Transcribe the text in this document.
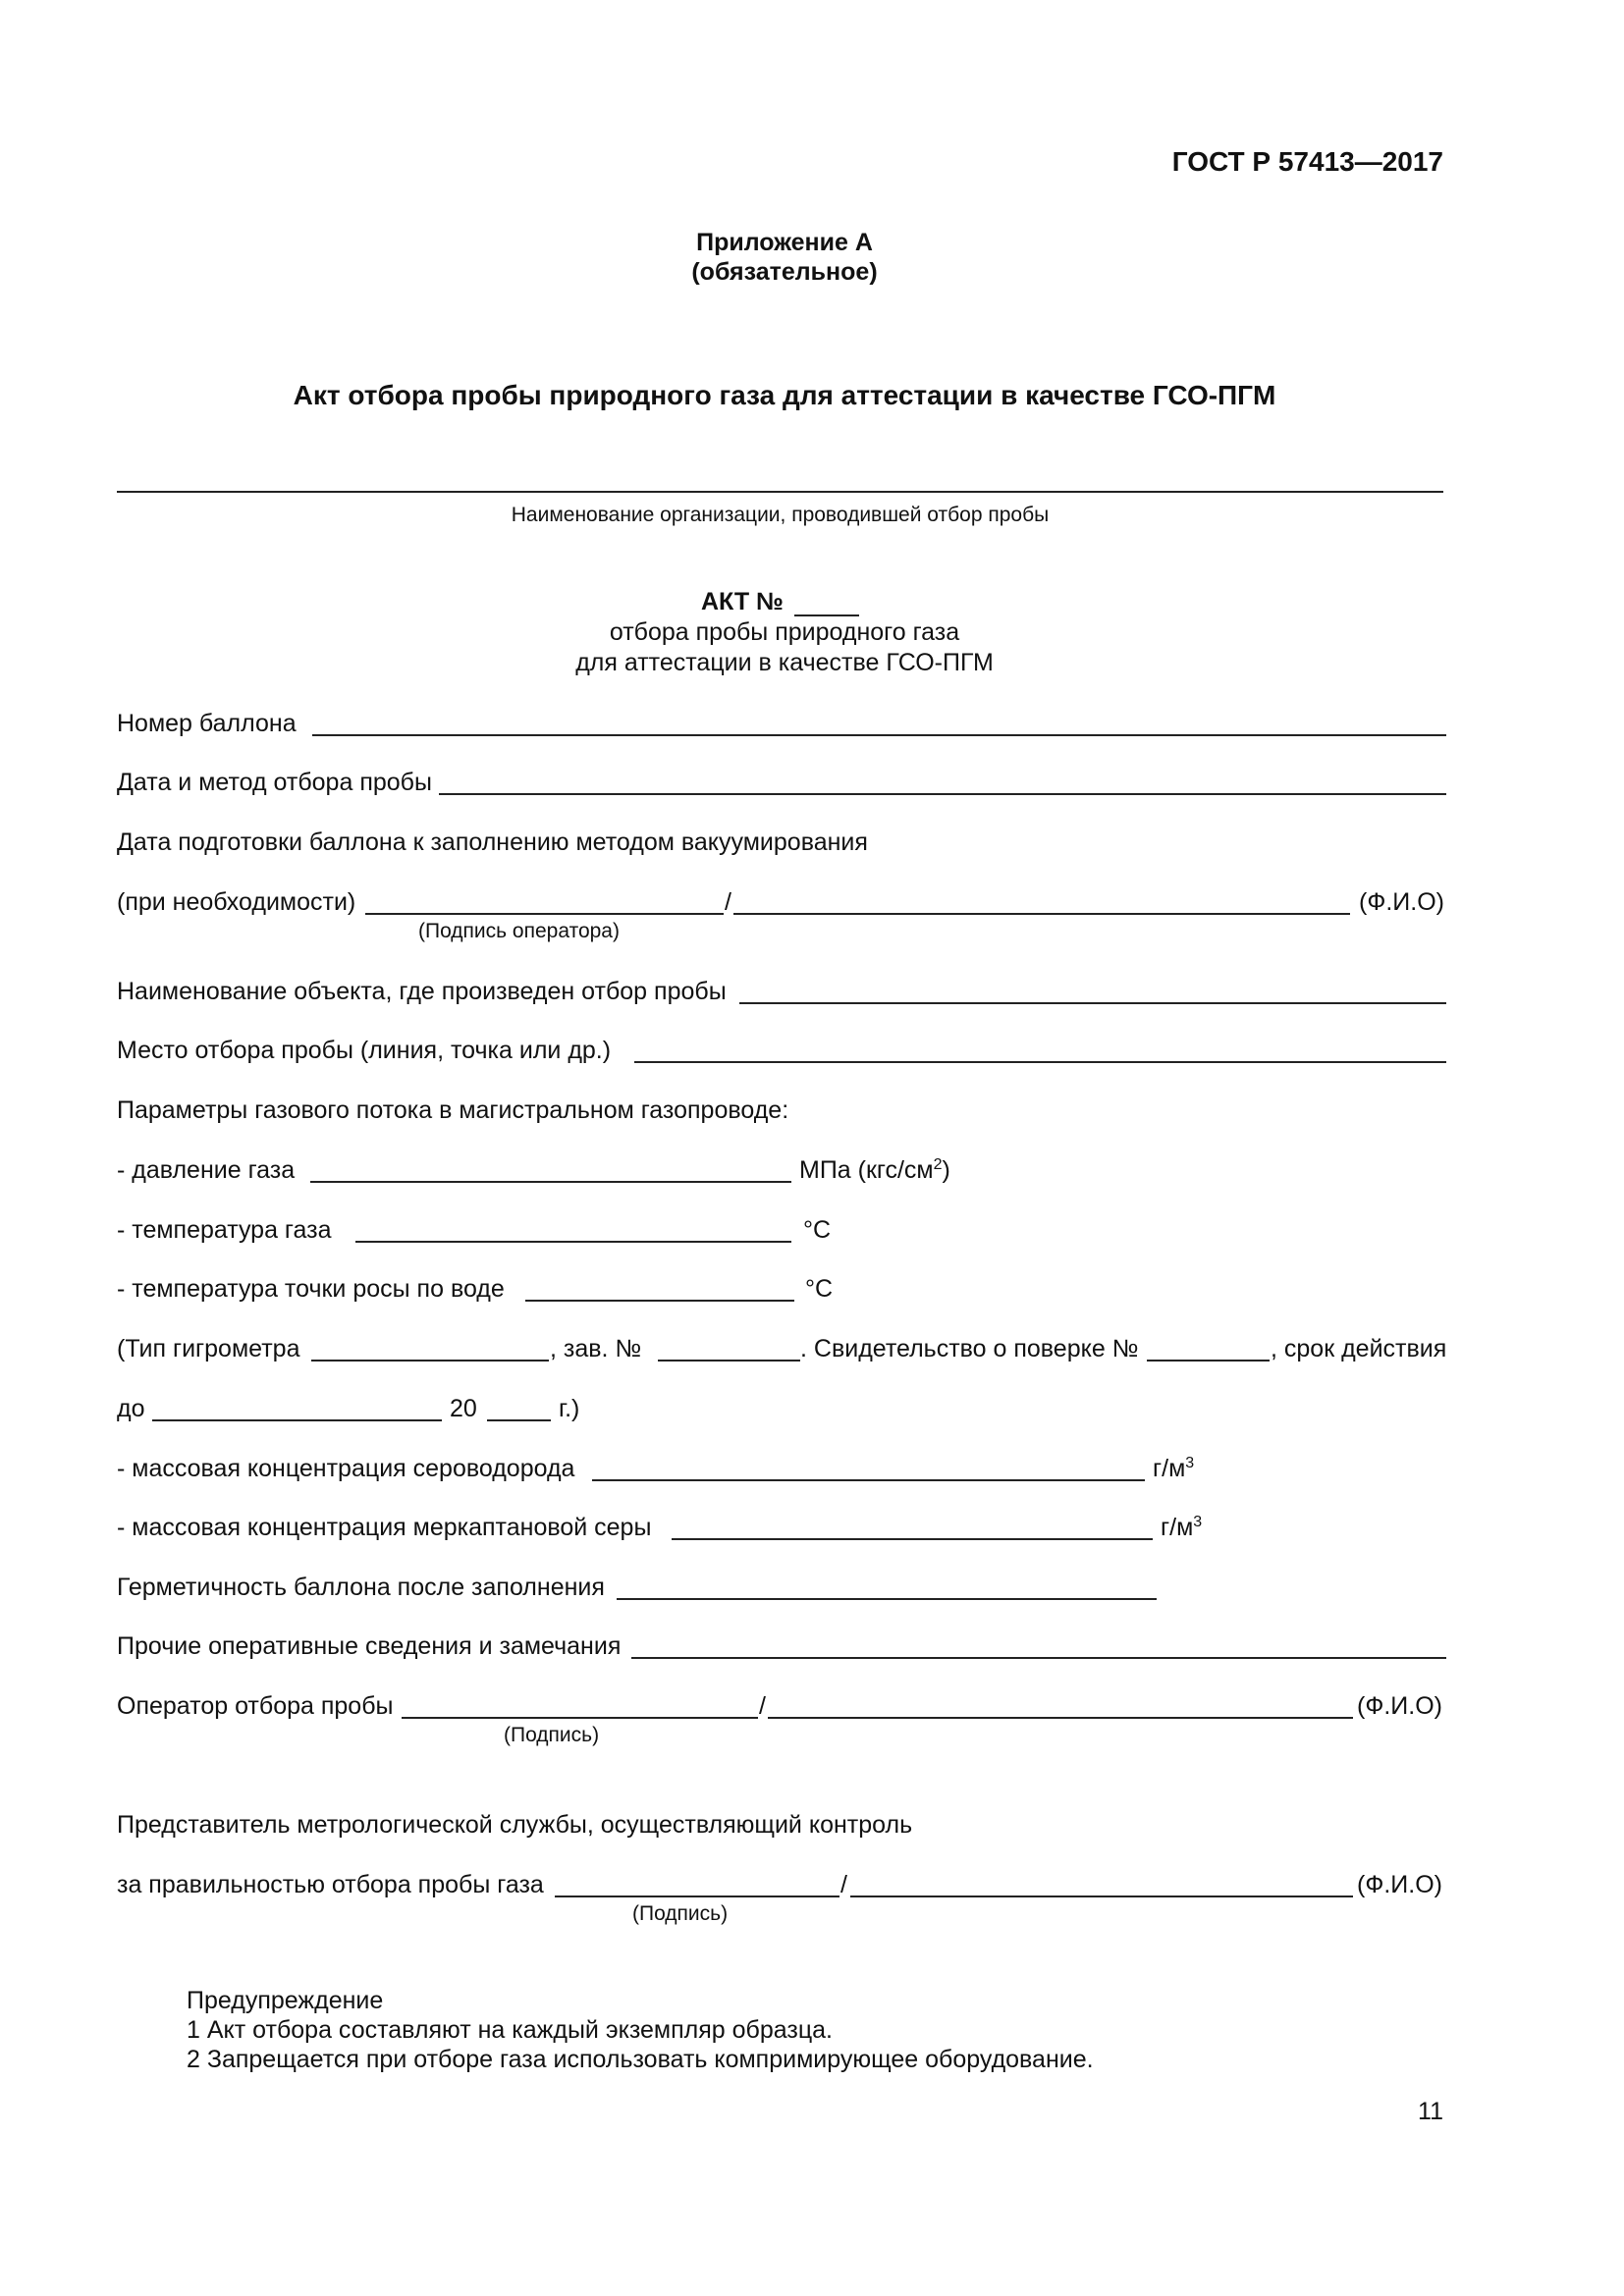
ГОСТ Р 57413—2017
Приложение А
(обязательное)
Акт отбора пробы природного газа для аттестации в качестве ГСО-ПГМ
Наименование организации, проводившей отбор пробы
АКТ №
отбора пробы природного газа
для аттестации в качестве ГСО-ПГМ
Номер баллона
Дата и метод отбора пробы
Дата подготовки баллона к заполнению методом вакуумирования
(при необходимости)	/	(Ф.И.О)
(Подпись оператора)
Наименование объекта, где произведен отбор пробы
Место отбора пробы (линия, точка или др.)
Параметры газового потока в магистральном газопроводе:
- давление газа	МПа $(кгс/см^2)$
- температура газа	°C
- температура точки росы по воде	°C
(Тип гигрометра	, зав. №	. Свидетельство о поверке №	, срок действия
до	20	г.)
- массовая концентрация сероводорода	$г/м^3$
- массовая концентрация меркаптановой серы	$г/м^3$
Герметичность баллона после заполнения
Прочие оперативные сведения и замечания
Оператор отбора пробы	/	(Ф.И.О)
(Подпись)
Представитель метрологической службы, осуществляющий контроль
за правильностью отбора пробы газа	/	(Ф.И.О)
(Подпись)
Предупреждение
1 Акт отбора составляют на каждый экземпляр образца.
2 Запрещается при отборе газа использовать компримирующее оборудование.
11
